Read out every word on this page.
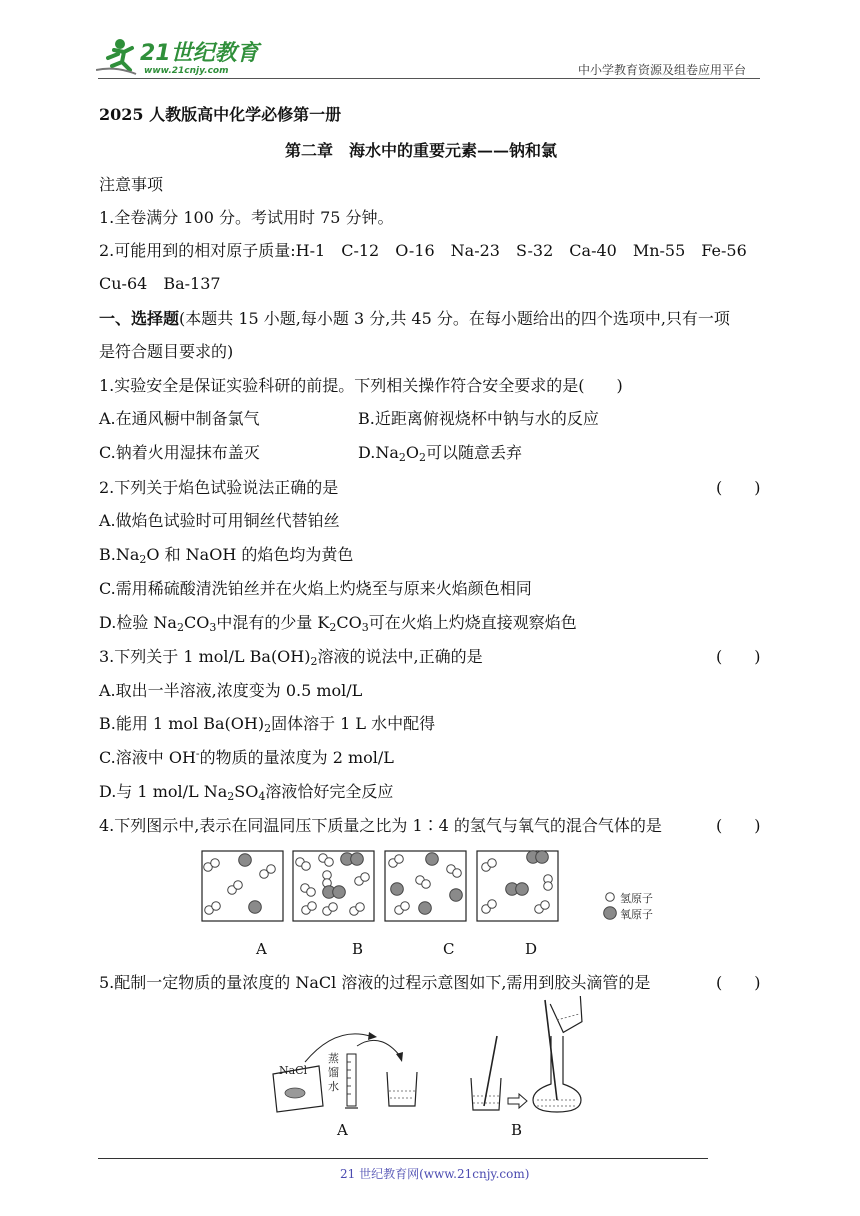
21世纪教育
www.21cnjy.com	中小学教育资源及组卷应用平台
2025 人教版高中化学必修第一册
第二章　海水中的重要元素——钠和氯
注意事项
1.全卷满分 100 分。考试用时 75 分钟。
2.可能用到的相对原子质量:H-1　C-12　O-16　Na-23　S-32　Ca-40　Mn-55　Fe-56
Cu-64　Ba-137
一、选择题(本题共 15 小题,每小题 3 分,共 45 分。在每小题给出的四个选项中,只有一项
是符合题目要求的)
1.实验安全是保证实验科研的前提。下列相关操作符合安全要求的是(　　)
A.在通风橱中制备氯气	B.近距离俯视烧杯中钠与水的反应
C.钠着火用湿抹布盖灭	$D.Na_2O_2$可以随意丢弃
2.下列关于焰色试验说法正确的是	(　　)
A.做焰色试验时可用铜丝代替铂丝
$B.Na_2O$ 和 NaOH 的焰色均为黄色
C.需用稀硫酸清洗铂丝并在火焰上灼烧至与原来火焰颜色相同
D.检验 $Na_2CO_3$中混有的少量 $K_2CO_3$可在火焰上灼烧直接观察焰色
3.下列关于 1 mol/L $Ba(OH)_2$溶液的说法中,正确的是	(　　)
A.取出一半溶液,浓度变为 0.5 mol/L
B.能用 1 mol $Ba(OH)_2$固体溶于 1 L 水中配得
C.溶液中 OH-的物质的量浓度为 2 mol/L
D.与 1 mol/L $Na_2SO_4$溶液恰好完全反应
4.下列图示中,表示在同温同压下质量之比为 1∶4 的氢气与氧气的混合气体的是	(　　)
氢原子
氧原子
A	B	C	D
5.配制一定物质的量浓度的 NaCl 溶液的过程示意图如下,需用到胶头滴管的是	(　　)
NaCl
蒸
馏
水
A	B
21 世纪教育网(www.21cnjy.com)
